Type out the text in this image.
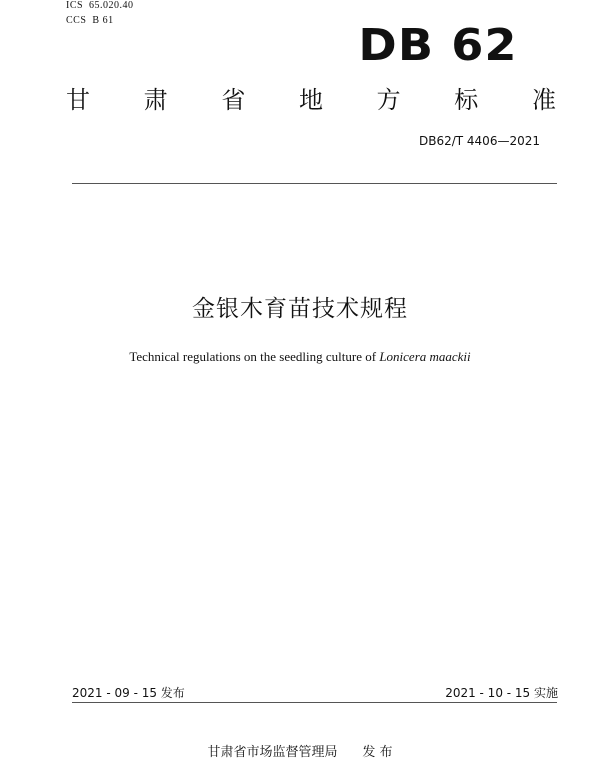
ICS  65.020.40
CCS  B 61	DB 62
甘 肃 省 地 方 标 准
DB62/T 4406—2021
金银木育苗技术规程
Technical regulations on the seedling culture of Lonicera maackii
2021 - 09 - 15 发布	2021 - 10 - 15 实施
甘肃省市场监督管理局 发 布
